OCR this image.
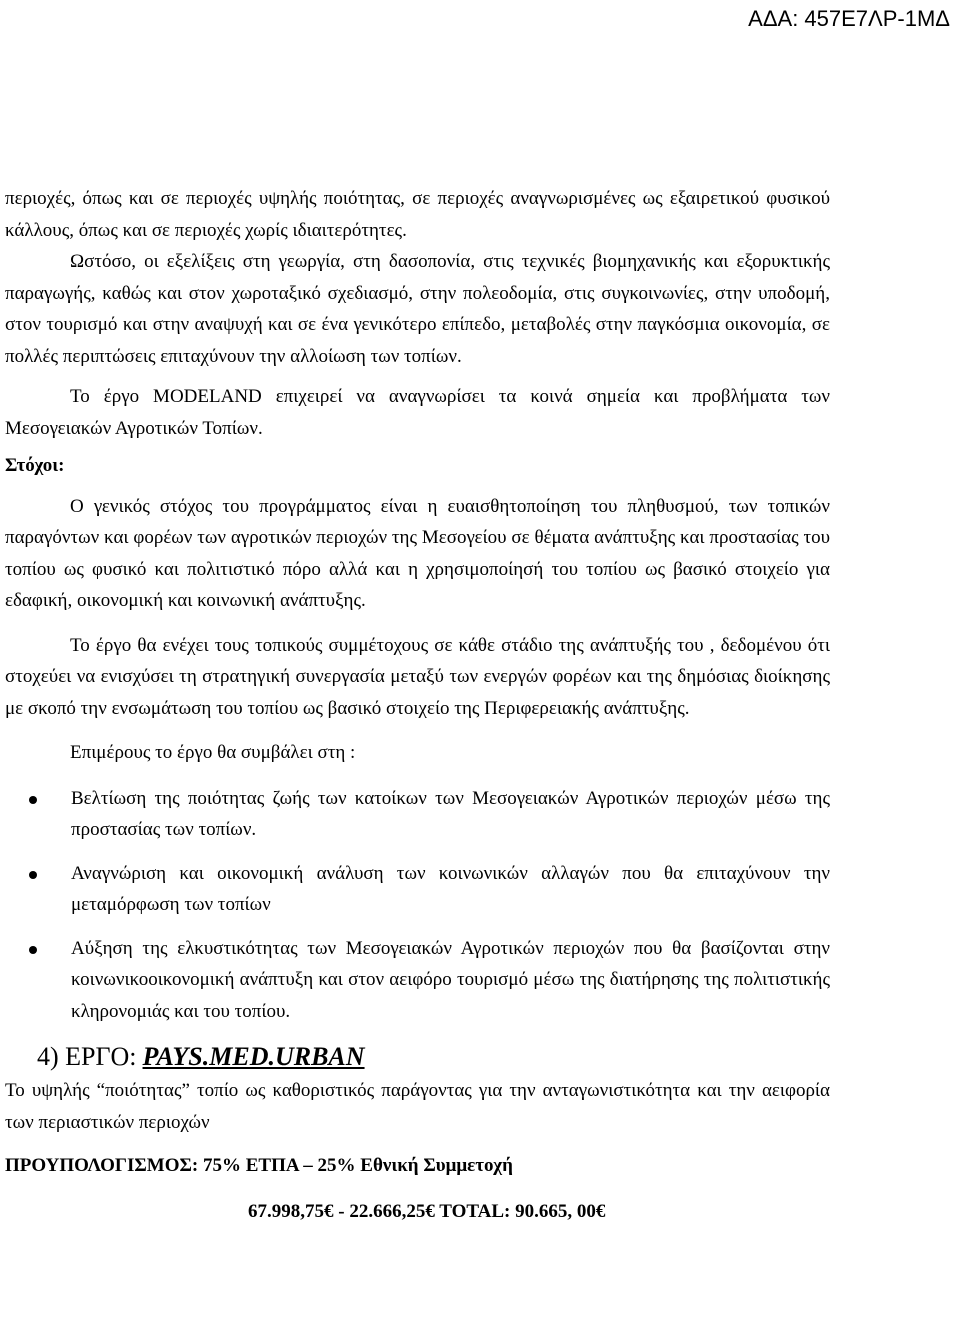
ΑΔΑ: 457Ε7ΛΡ-1ΜΔ

περιοχές, όπως και σε περιοχές υψηλής ποιότητας, σε περιοχές αναγνωρισμένες ως εξαιρετικού φυσικού κάλλους, όπως και σε περιοχές χωρίς ιδιαιτερότητες.

Ωστόσο, οι εξελίξεις στη γεωργία, στη δασοπονία, στις τεχνικές βιομηχανικής και εξορυκτικής παραγωγής, καθώς και στον χωροταξικό σχεδιασμό, στην πολεοδομία, στις συγκοινωνίες, στην υποδομή, στον τουρισμό και στην αναψυχή και σε ένα γενικότερο επίπεδο, μεταβολές στην παγκόσμια οικονομία, σε πολλές περιπτώσεις επιταχύνουν την αλλοίωση των τοπίων.

Το έργο MODELAND επιχειρεί να αναγνωρίσει τα κοινά σημεία και προβλήματα των Μεσογειακών Αγροτικών Τοπίων.

Στόχοι:

Ο γενικός στόχος του προγράμματος είναι η ευαισθητοποίηση του πληθυσμού, των τοπικών παραγόντων και φορέων των αγροτικών περιοχών της Μεσογείου σε θέματα ανάπτυξης και προστασίας του τοπίου ως φυσικό και πολιτιστικό πόρο αλλά και η χρησιμοποίησή του τοπίου ως βασικό στοιχείο για εδαφική, οικονομική και κοινωνική ανάπτυξης.

Το έργο θα ενέχει τους τοπικούς συμμέτοχους σε κάθε στάδιο της ανάπτυξής του , δεδομένου ότι στοχεύει να ενισχύσει τη στρατηγική συνεργασία μεταξύ των ενεργών φορέων και της δημόσιας διοίκησης με σκοπό την ενσωμάτωση του τοπίου ως βασικό στοιχείο της Περιφερειακής ανάπτυξης.

Επιμέρους το έργο θα συμβάλει στη :

Βελτίωση της ποιότητας ζωής των κατοίκων των Μεσογειακών Αγροτικών περιοχών μέσω της προστασίας των τοπίων.
Αναγνώριση και οικονομική ανάλυση των κοινωνικών αλλαγών που θα επιταχύνουν την μεταμόρφωση των τοπίων
Αύξηση της ελκυστικότητας των Μεσογειακών Αγροτικών περιοχών που θα βασίζονται στην κοινωνικοοικονομική ανάπτυξη και στον αειφόρο τουρισμό μέσω της διατήρησης της πολιτιστικής κληρονομιάς και του τοπίου.

4) ΕΡΓΟ: PAYS.MED.URBAN

Το υψηλής “ποιότητας” τοπίο ως καθοριστικός παράγοντας για την ανταγωνιστικότητα και την αειφορία των περιαστικών περιοχών

ΠΡΟΥΠΟΛΟΓΙΣΜΟΣ: 75% ΕΤΠΑ – 25% Εθνική Συμμετοχή

67.998,75€ - 22.666,25€ TOTAL: 90.665, 00€
